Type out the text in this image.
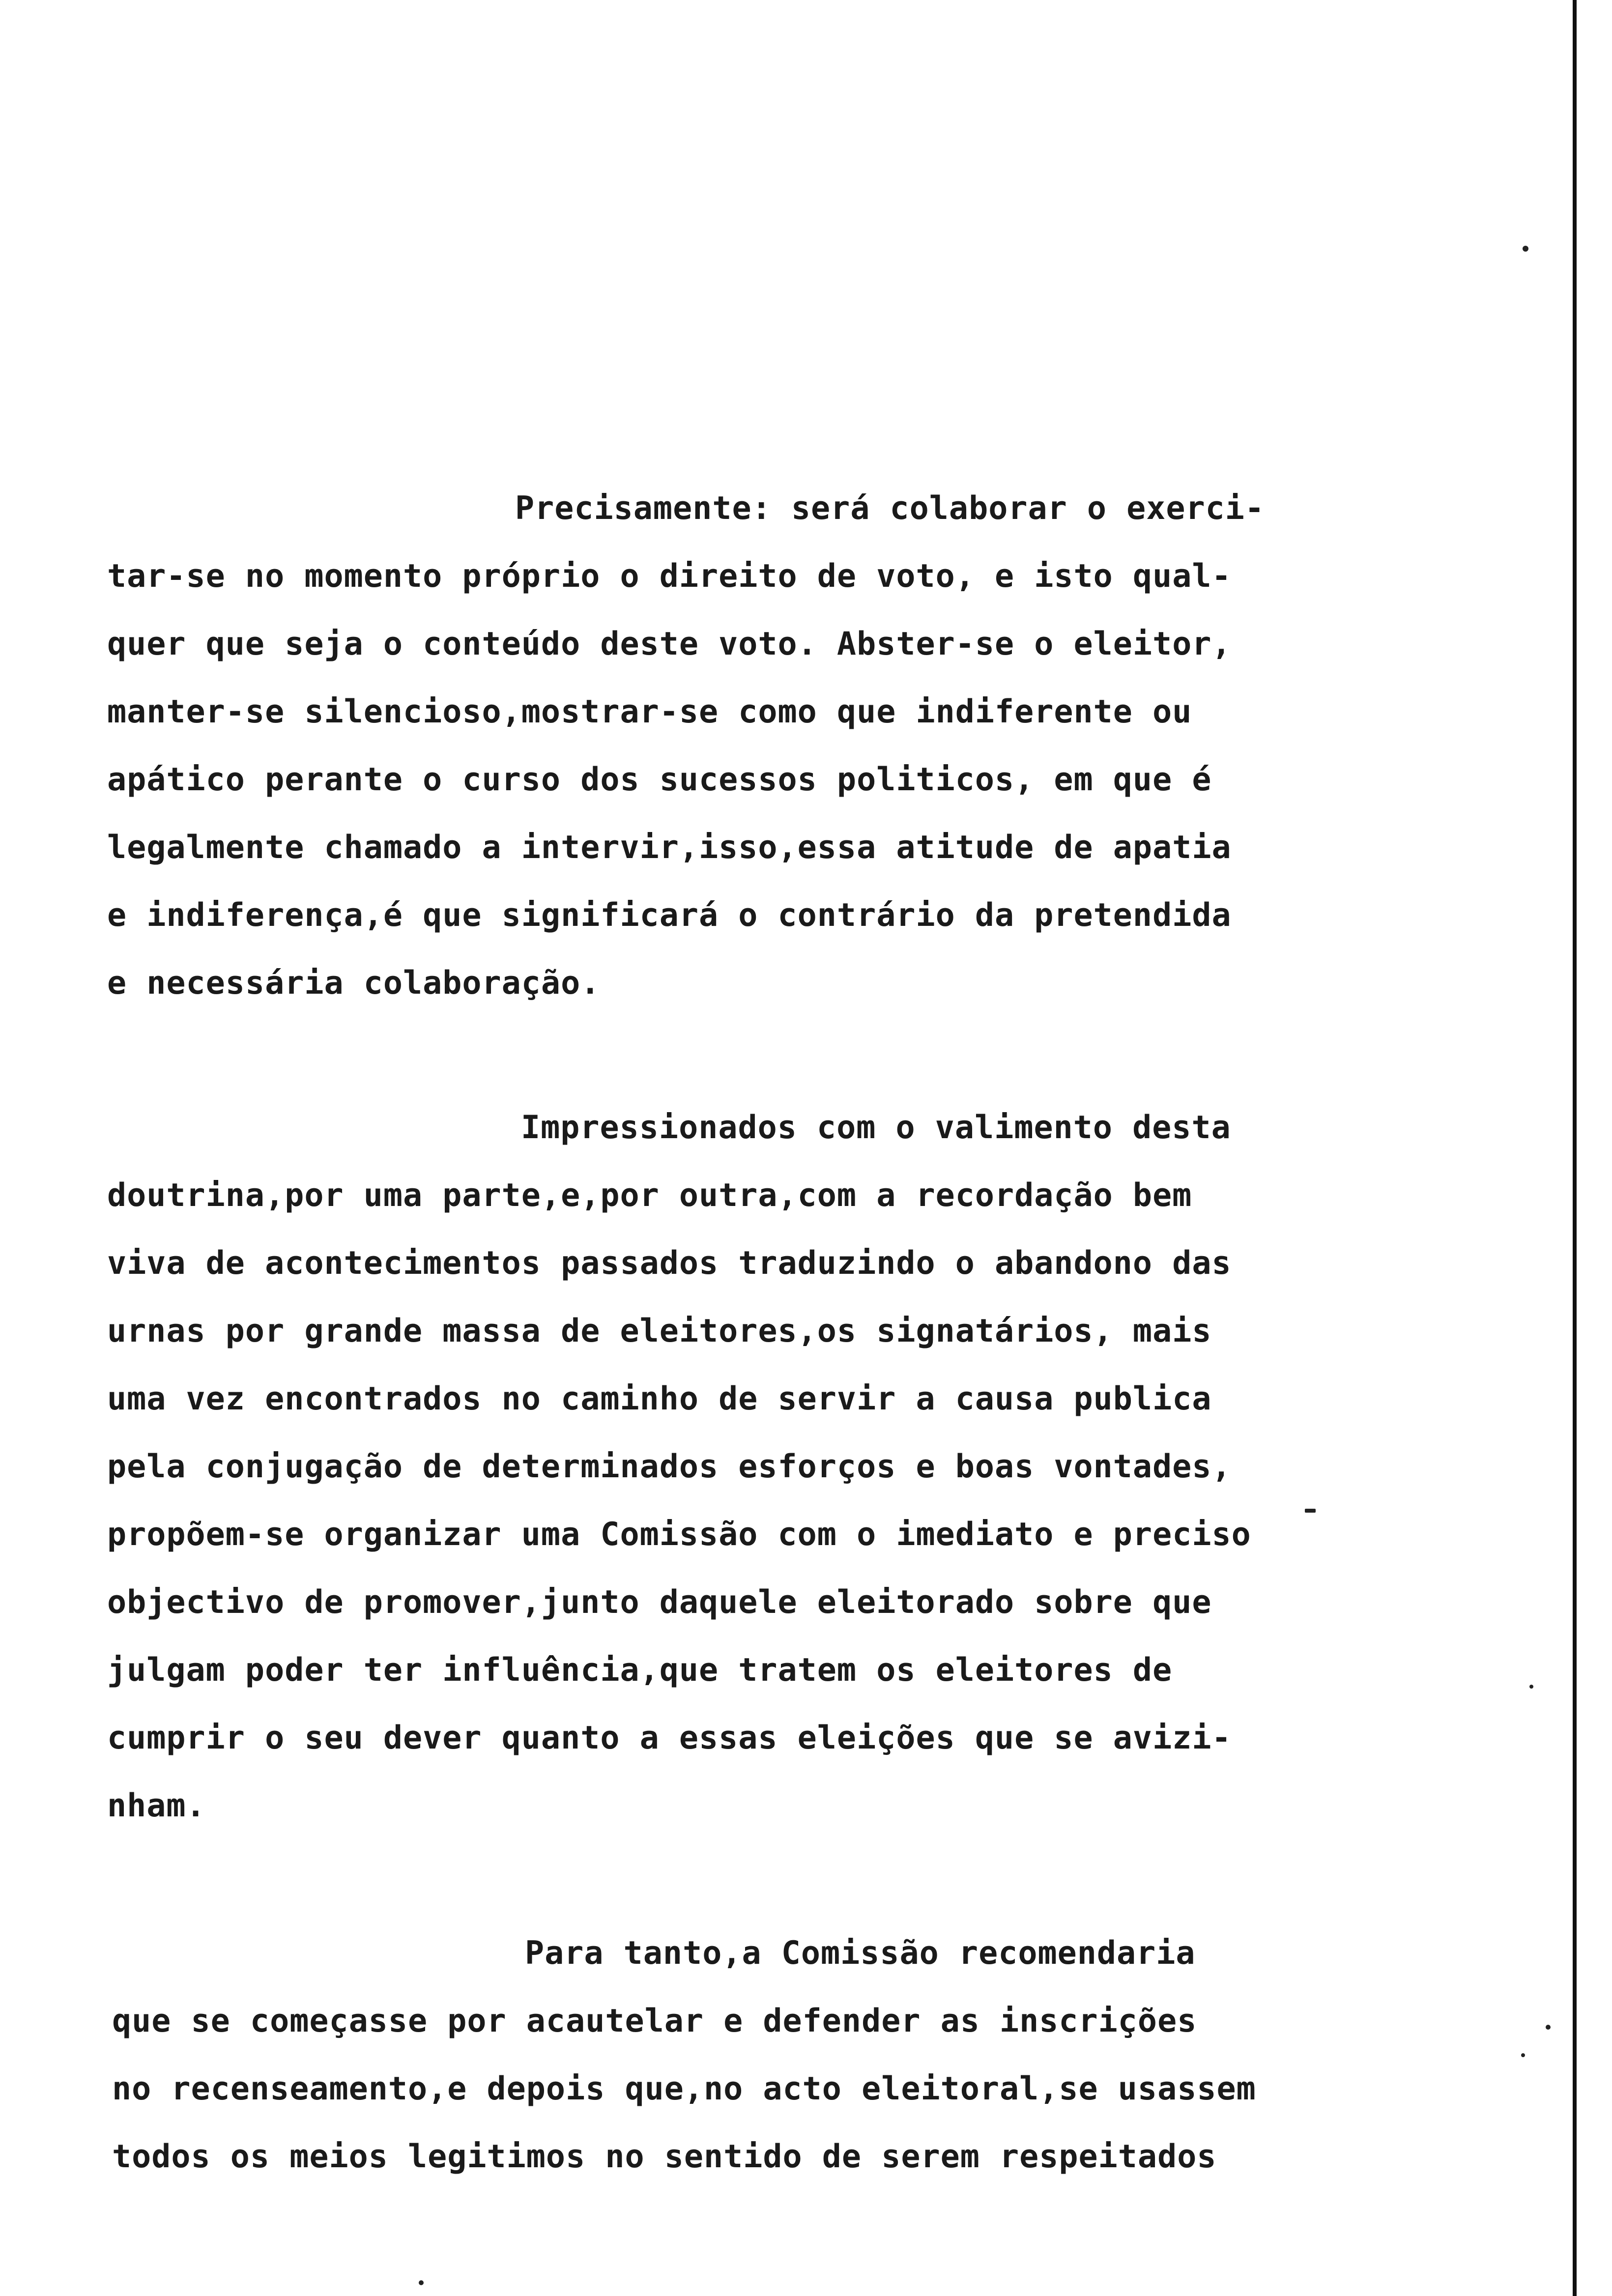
Precisamente: será colaborar o exerci-
tar-se no momento próprio o direito de voto, e isto qual-
quer que seja o conteúdo deste voto. Abster-se o eleitor,
manter-se silencioso,mostrar-se como que indiferente ou
apático perante o curso dos sucessos politicos, em que é
legalmente chamado a intervir,isso,essa atitude de apatia
e indiferença,é que significará o contrário da pretendida
e necessária colaboração.
Impressionados com o valimento desta
doutrina,por uma parte,e,por outra,com a recordação bem
viva de acontecimentos passados traduzindo o abandono das
urnas por grande massa de eleitores,os signatários, mais
uma vez encontrados no caminho de servir a causa publica
pela conjugação de determinados esforços e boas vontades,
propõem-se organizar uma Comissão com o imediato e preciso
objectivo de promover,junto daquele eleitorado sobre que
julgam poder ter influência,que tratem os eleitores de
cumprir o seu dever quanto a essas eleições que se avizi-
nham.
Para tanto,a Comissão recomendaria
que se começasse por acautelar e defender as inscrições
no recenseamento,e depois que,no acto eleitoral,se usassem
todos os meios legitimos no sentido de serem respeitados
